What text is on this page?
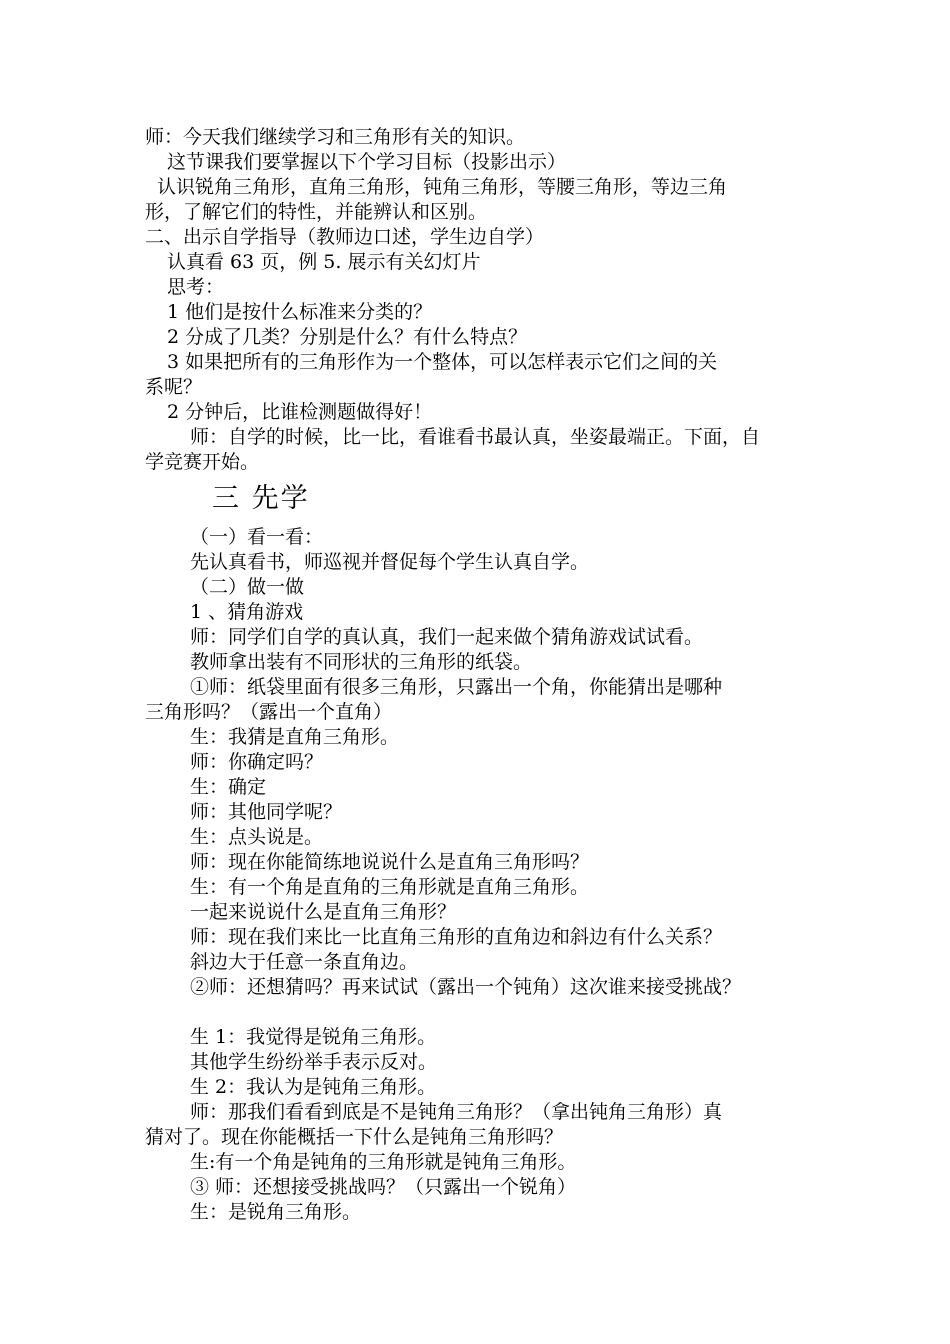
师：今天我们继续学习和三角形有关的知识。
这节课我们要掌握以下个学习目标（投影出示）
认识锐角三角形，直角三角形，钝角三角形，等腰三角形，等边三角
形，了解它们的特性，并能辨认和区别。
二、出示自学指导（教师边口述，学生边自学）
认真看 63 页，例 5. 展示有关幻灯片
思考：
1 他们是按什么标准来分类的？
2 分成了几类？分别是什么？有什么特点？
3 如果把所有的三角形作为一个整体，可以怎样表示它们之间的关
系呢？
2 分钟后，比谁检测题做得好！
师：自学的时候，比一比，看谁看书最认真，坐姿最端正。下面，自
学竞赛开始。
三 先学
（一）看一看：
先认真看书，师巡视并督促每个学生认真自学。
（二）做一做
1 、猜角游戏
师：同学们自学的真认真，我们一起来做个猜角游戏试试看。
教师拿出装有不同形状的三角形的纸袋。
①师：纸袋里面有很多三角形，只露出一个角，你能猜出是哪种
三角形吗？（露出一个直角）
生：我猜是直角三角形。
师：你确定吗？
生：确定
师：其他同学呢？
生：点头说是。
师：现在你能简练地说说什么是直角三角形吗？
生：有一个角是直角的三角形就是直角三角形。
一起来说说什么是直角三角形？
师：现在我们来比一比直角三角形的直角边和斜边有什么关系？
斜边大于任意一条直角边。
②师：还想猜吗？再来试试（露出一个钝角）这次谁来接受挑战？
生 1：我觉得是锐角三角形。
其他学生纷纷举手表示反对。
生 2：我认为是钝角三角形。
师：那我们看看到底是不是钝角三角形？（拿出钝角三角形）真
猜对了。现在你能概括一下什么是钝角三角形吗？
生:有一个角是钝角的三角形就是钝角三角形。
③ 师：还想接受挑战吗？（只露出一个锐角）
生：是锐角三角形。
